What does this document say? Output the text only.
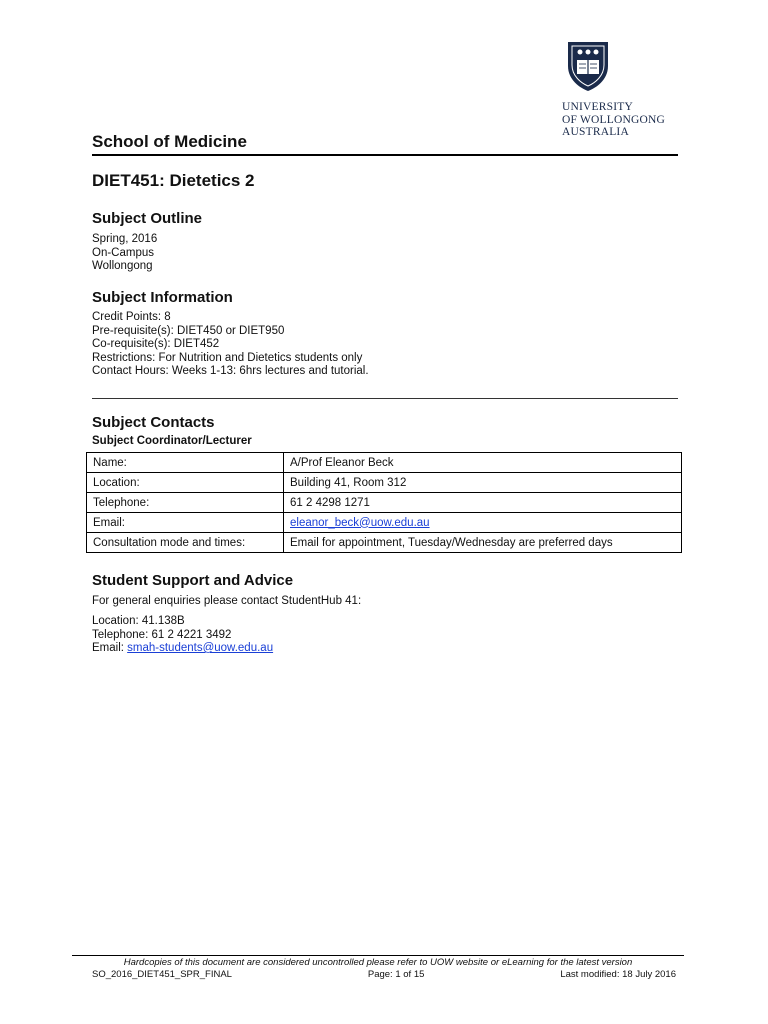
UNIVERSITY
OF WOLLONGONG
AUSTRALIA
School of Medicine
DIET451: Dietetics 2
Subject Outline
Spring, 2016
On-Campus
Wollongong
Subject Information
Credit Points: 8
Pre-requisite(s): DIET450 or DIET950
Co-requisite(s): DIET452
Restrictions: For Nutrition and Dietetics students only
Contact Hours: Weeks 1-13: 6hrs lectures and tutorial.
Subject Contacts
Subject Coordinator/Lecturer
Name:	A/Prof Eleanor Beck
Location:	Building 41, Room 312
Telephone:	61 2 4298 1271
Email:	eleanor_beck@uow.edu.au
Consultation mode and times:	Email for appointment, Tuesday/Wednesday are preferred days
Student Support and Advice
For general enquiries please contact StudentHub 41:
Location: 41.138B
Telephone: 61 2 4221 3492
Email: smah-students@uow.edu.au
Hardcopies of this document are considered uncontrolled please refer to UOW website or eLearning for the latest version
SO_2016_DIET451_SPR_FINAL	Page: 1 of 15	Last modified: 18 July 2016
